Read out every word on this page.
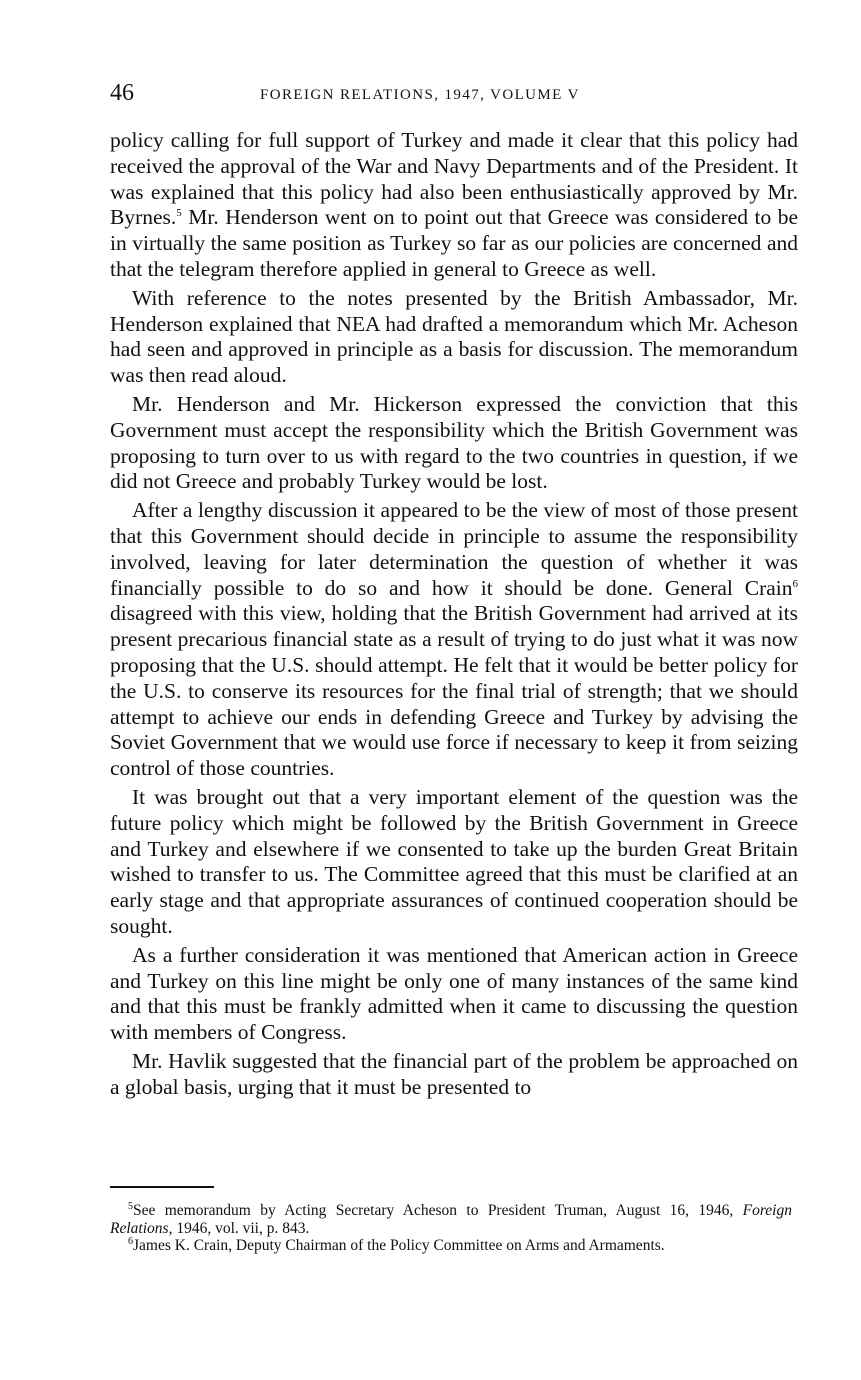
46	FOREIGN RELATIONS, 1947, VOLUME V

policy calling for full support of Turkey and made it clear that this policy had received the approval of the War and Navy Departments and of the President. It was explained that this policy had also been enthusiastically approved by Mr. Byrnes.$^5$ Mr. Henderson went on to point out that Greece was considered to be in virtually the same position as Turkey so far as our policies are concerned and that the telegram therefore applied in general to Greece as well.

With reference to the notes presented by the British Ambassador, Mr. Henderson explained that NEA had drafted a memorandum which Mr. Acheson had seen and approved in principle as a basis for discussion. The memorandum was then read aloud.

Mr. Henderson and Mr. Hickerson expressed the conviction that this Government must accept the responsibility which the British Government was proposing to turn over to us with regard to the two countries in question, if we did not Greece and probably Turkey would be lost.

After a lengthy discussion it appeared to be the view of most of those present that this Government should decide in principle to assume the responsibility involved, leaving for later determination the question of whether it was financially possible to do so and how it should be done. General Crain$^6$ disagreed with this view, holding that the British Government had arrived at its present precarious financial state as a result of trying to do just what it was now proposing that the U.S. should attempt. He felt that it would be better policy for the U.S. to conserve its resources for the final trial of strength; that we should attempt to achieve our ends in defending Greece and Turkey by advising the Soviet Government that we would use force if necessary to keep it from seizing control of those countries.

It was brought out that a very important element of the question was the future policy which might be followed by the British Government in Greece and Turkey and elsewhere if we consented to take up the burden Great Britain wished to transfer to us. The Committee agreed that this must be clarified at an early stage and that appropriate assurances of continued cooperation should be sought.

As a further consideration it was mentioned that American action in Greece and Turkey on this line might be only one of many instances of the same kind and that this must be frankly admitted when it came to discussing the question with members of Congress.

Mr. Havlik suggested that the financial part of the problem be approached on a global basis, urging that it must be presented to

$^5$See memorandum by Acting Secretary Acheson to President Truman, August 16, 1946, Foreign Relations, 1946, vol. vii, p. 843.

$^6$James K. Crain, Deputy Chairman of the Policy Committee on Arms and Armaments.
